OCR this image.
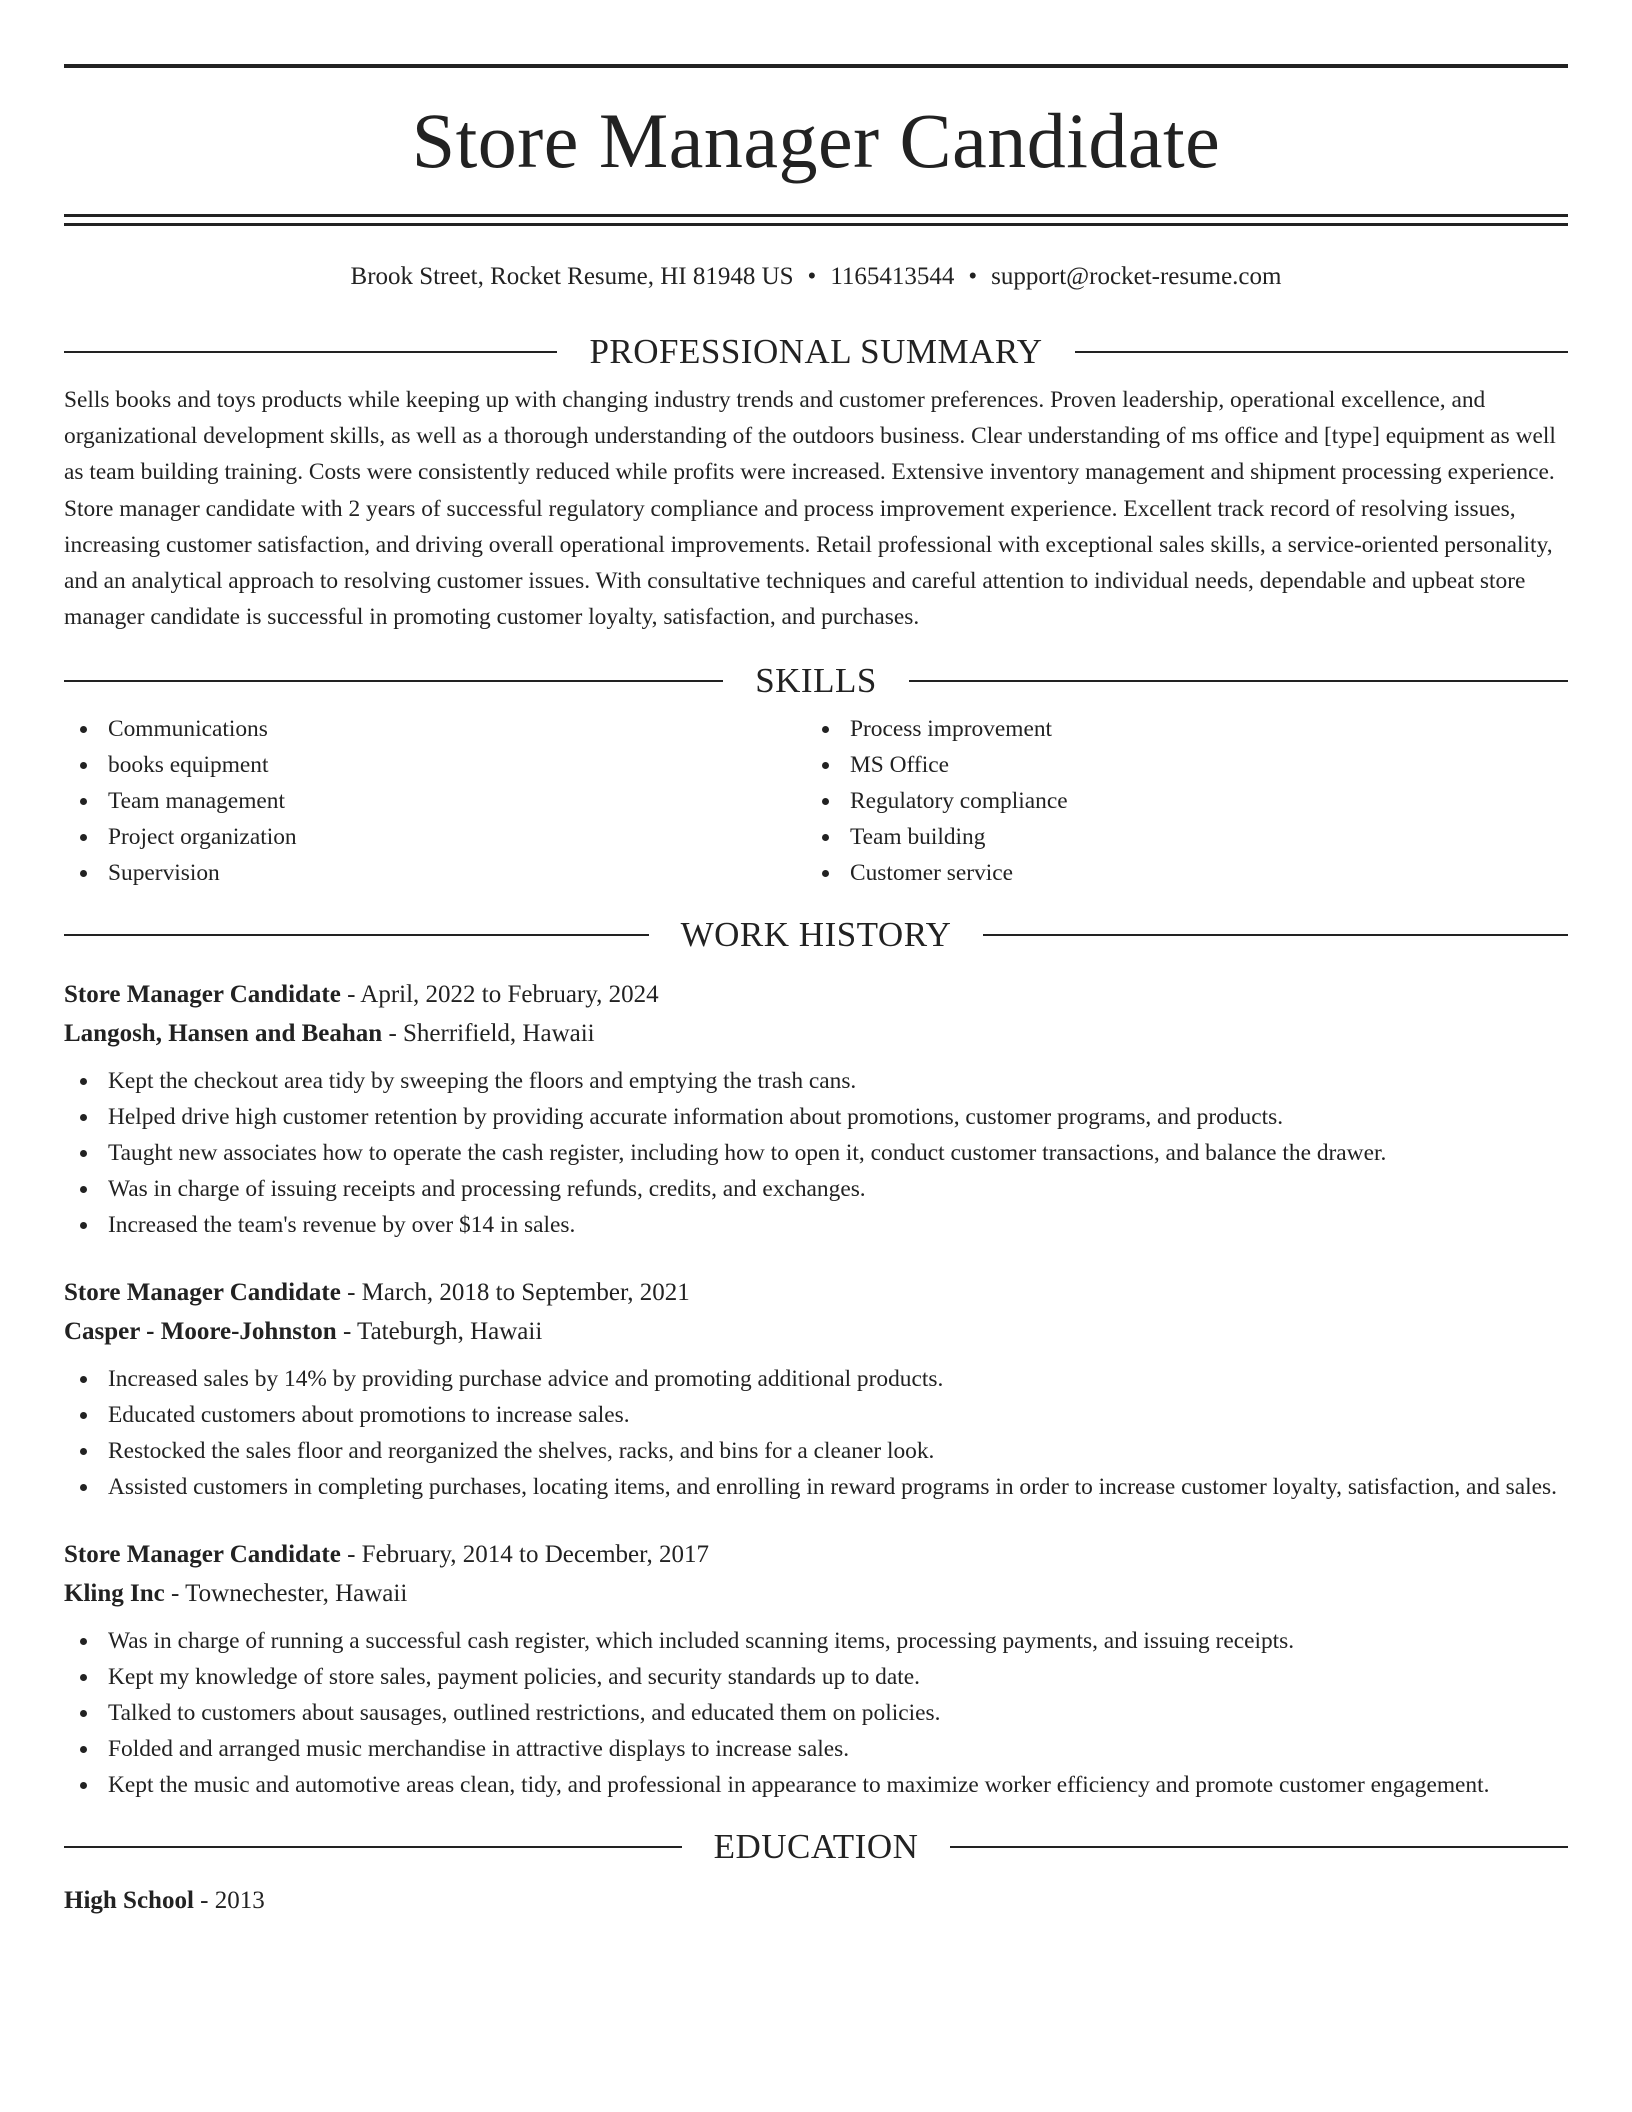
Store Manager Candidate
Brook Street, Rocket Resume, HI 81948 US • 1165413544 • support@rocket-resume.com
PROFESSIONAL SUMMARY

Sells books and toys products while keeping up with changing industry trends and customer preferences. Proven leadership, operational excellence, and organizational development skills, as well as a thorough understanding of the outdoors business. Clear understanding of ms office and [type] equipment as well as team building training. Costs were consistently reduced while profits were increased. Extensive inventory management and shipment processing experience. Store manager candidate with 2 years of successful regulatory compliance and process improvement experience. Excellent track record of resolving issues, increasing customer satisfaction, and driving overall operational improvements. Retail professional with exceptional sales skills, a service-oriented personality, and an analytical approach to resolving customer issues. With consultative techniques and careful attention to individual needs, dependable and upbeat store manager candidate is successful in promoting customer loyalty, satisfaction, and purchases.

SKILLS
Communications
books equipment
Team management
Project organization
Supervision
Process improvement
MS Office
Regulatory compliance
Team building
Customer service
WORK HISTORY
Store Manager Candidate - April, 2022 to February, 2024
Langosh, Hansen and Beahan - Sherrifield, Hawaii
Kept the checkout area tidy by sweeping the floors and emptying the trash cans.
Helped drive high customer retention by providing accurate information about promotions, customer programs, and products.
Taught new associates how to operate the cash register, including how to open it, conduct customer transactions, and balance the drawer.
Was in charge of issuing receipts and processing refunds, credits, and exchanges.
Increased the team's revenue by over $14 in sales.
Store Manager Candidate - March, 2018 to September, 2021
Casper - Moore-Johnston - Tateburgh, Hawaii
Increased sales by 14% by providing purchase advice and promoting additional products.
Educated customers about promotions to increase sales.
Restocked the sales floor and reorganized the shelves, racks, and bins for a cleaner look.
Assisted customers in completing purchases, locating items, and enrolling in reward programs in order to increase customer loyalty, satisfaction, and sales.
Store Manager Candidate - February, 2014 to December, 2017
Kling Inc - Townechester, Hawaii
Was in charge of running a successful cash register, which included scanning items, processing payments, and issuing receipts.
Kept my knowledge of store sales, payment policies, and security standards up to date.
Talked to customers about sausages, outlined restrictions, and educated them on policies.
Folded and arranged music merchandise in attractive displays to increase sales.
Kept the music and automotive areas clean, tidy, and professional in appearance to maximize worker efficiency and promote customer engagement.
EDUCATION
High School - 2013
